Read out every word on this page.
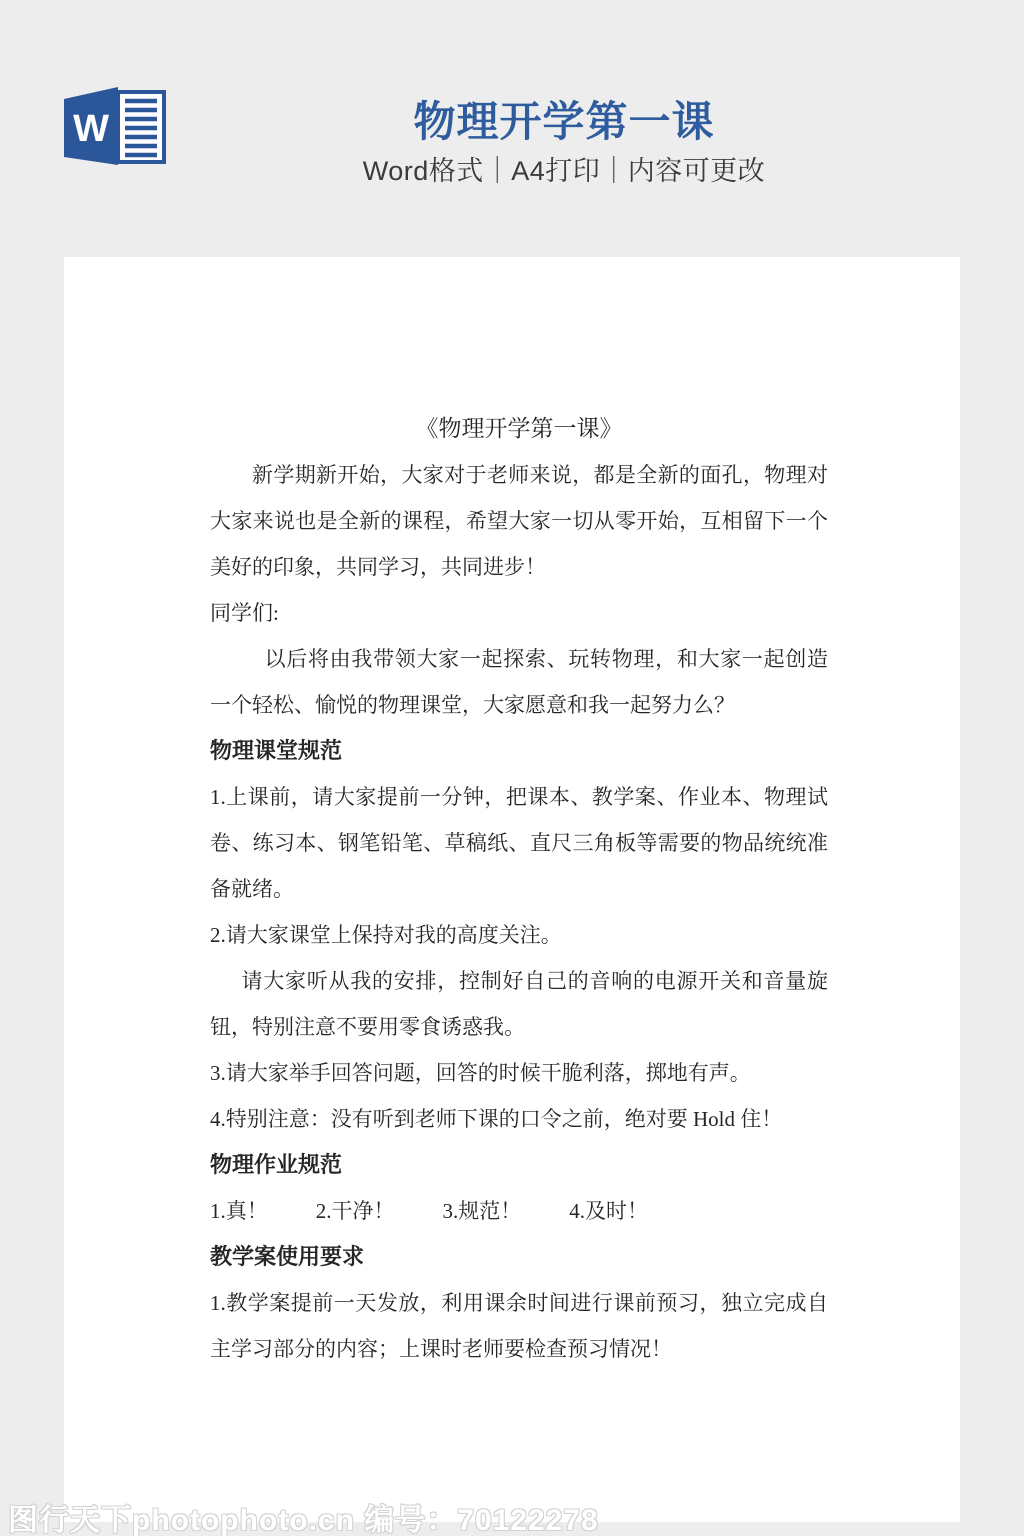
W	物理开学第一课
Word格式｜A4打印｜内容可更改
《物理开学第一课》
新学期新开始，大家对于老师来说，都是全新的面孔，物理对大家来说也是全新的课程，希望大家一切从零开始，互相留下一个美好的印象，共同学习，共同进步！
同学们:
以后将由我带领大家一起探索、玩转物理，和大家一起创造一个轻松、愉悦的物理课堂，大家愿意和我一起努力么？
物理课堂规范
1.上课前，请大家提前一分钟，把课本、教学案、作业本、物理试卷、练习本、钢笔铅笔、草稿纸、直尺三角板等需要的物品统统准备就绪。
2.请大家课堂上保持对我的高度关注。
请大家听从我的安排，控制好自己的音响的电源开关和音量旋钮，特别注意不要用零食诱惑我。
3.请大家举手回答问题，回答的时候干脆利落，掷地有声。
4.特别注意：没有听到老师下课的口令之前，绝对要 Hold 住！
物理作业规范
1.真！ 2.干净！ 3.规范！ 4.及时！
教学案使用要求
1.教学案提前一天发放，利用课余时间进行课前预习，独立完成自主学习部分的内容；上课时老师要检查预习情况！
图行天下photophoto.cn 编号：70122278
